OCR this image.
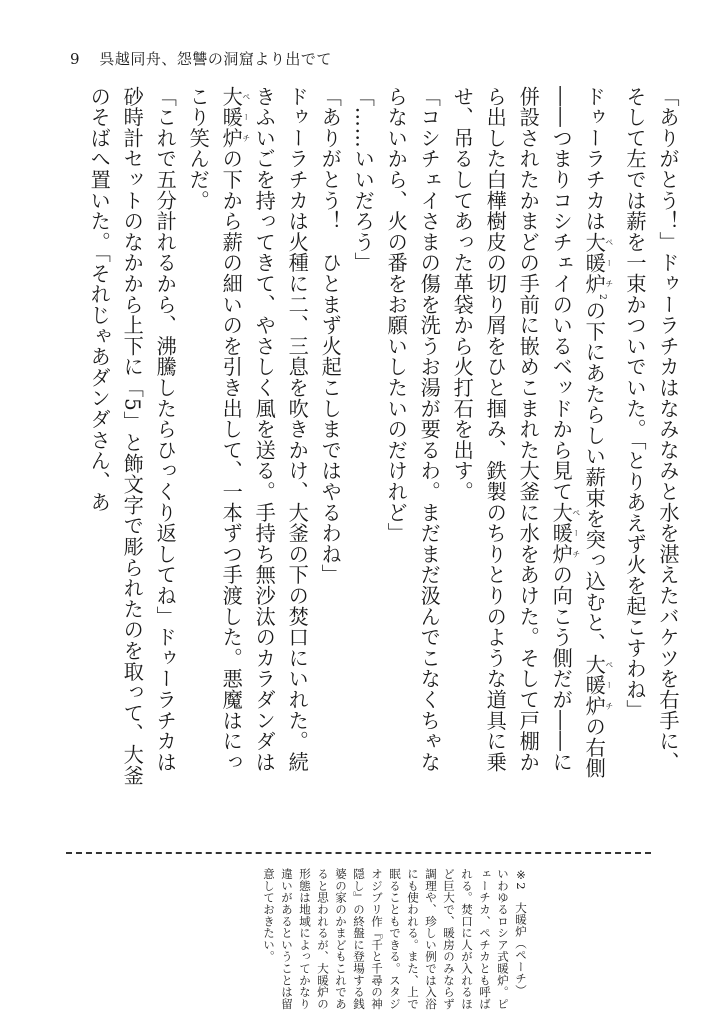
9 呉越同舟、怨讐の洞窟より出でて

「ありがとう！」ドゥーラチカはなみなみと水を湛えたバケツを右手に、そして左では薪を一束かついでいた。「とりあえず火を起こすわね」

ドゥーラチカは大暖炉ペーチ$^2$の下にあたらしい薪束を突っ込むと、大暖炉ペーチの右側――つまりコシチェイのいるベッドから見て大暖炉ペーチの向こう側だが――に併設されたかまどの手前に嵌めこまれた大釜に水をあけた。そして戸棚から出した白樺樹皮の切り屑をひと掴み、鉄製のちりとりのような道具に乗せ、吊るしてあった革袋から火打石を出す。

「コシチェイさまの傷を洗うお湯が要るわ。まだまだ汲んでこなくちゃならないから、火の番をお願いしたいのだけれど」

「……いいだろう」

「ありがとう！　ひとまず火起こしまではやるわね」

ドゥーラチカは火種に二、三息を吹きかけ、大釜の下の焚口にいれた。続きふいごを持ってきて、やさしく風を送る。手持ち無沙汰のカラダンダは大暖炉ペーチの下から薪の細いのを引き出して、一本ずつ手渡した。悪魔はにっこり笑んだ。

「これで五分計れるから、沸騰したらひっくり返してね」ドゥーラチカは砂時計セットのなかから上下に「5」と飾文字で彫られたのを取って、大釜のそばへ置いた。「それじゃあダンダさん、あ

※2　大暖炉（ペーチ）

いわゆるロシア式暖炉。ピェーチカ、ペチカとも呼ばれる。焚口に人が入れるほど巨大で、暖房のみならず調理や、珍しい例では入浴にも使われる。また、上で眠ることもできる。スタジオジブリ作『千と千尋の神隠し』の終盤に登場する銭婆の家のかまどもこれであると思われるが、大暖炉の形態は地域によってかなり違いがあるということは留意しておきたい。
